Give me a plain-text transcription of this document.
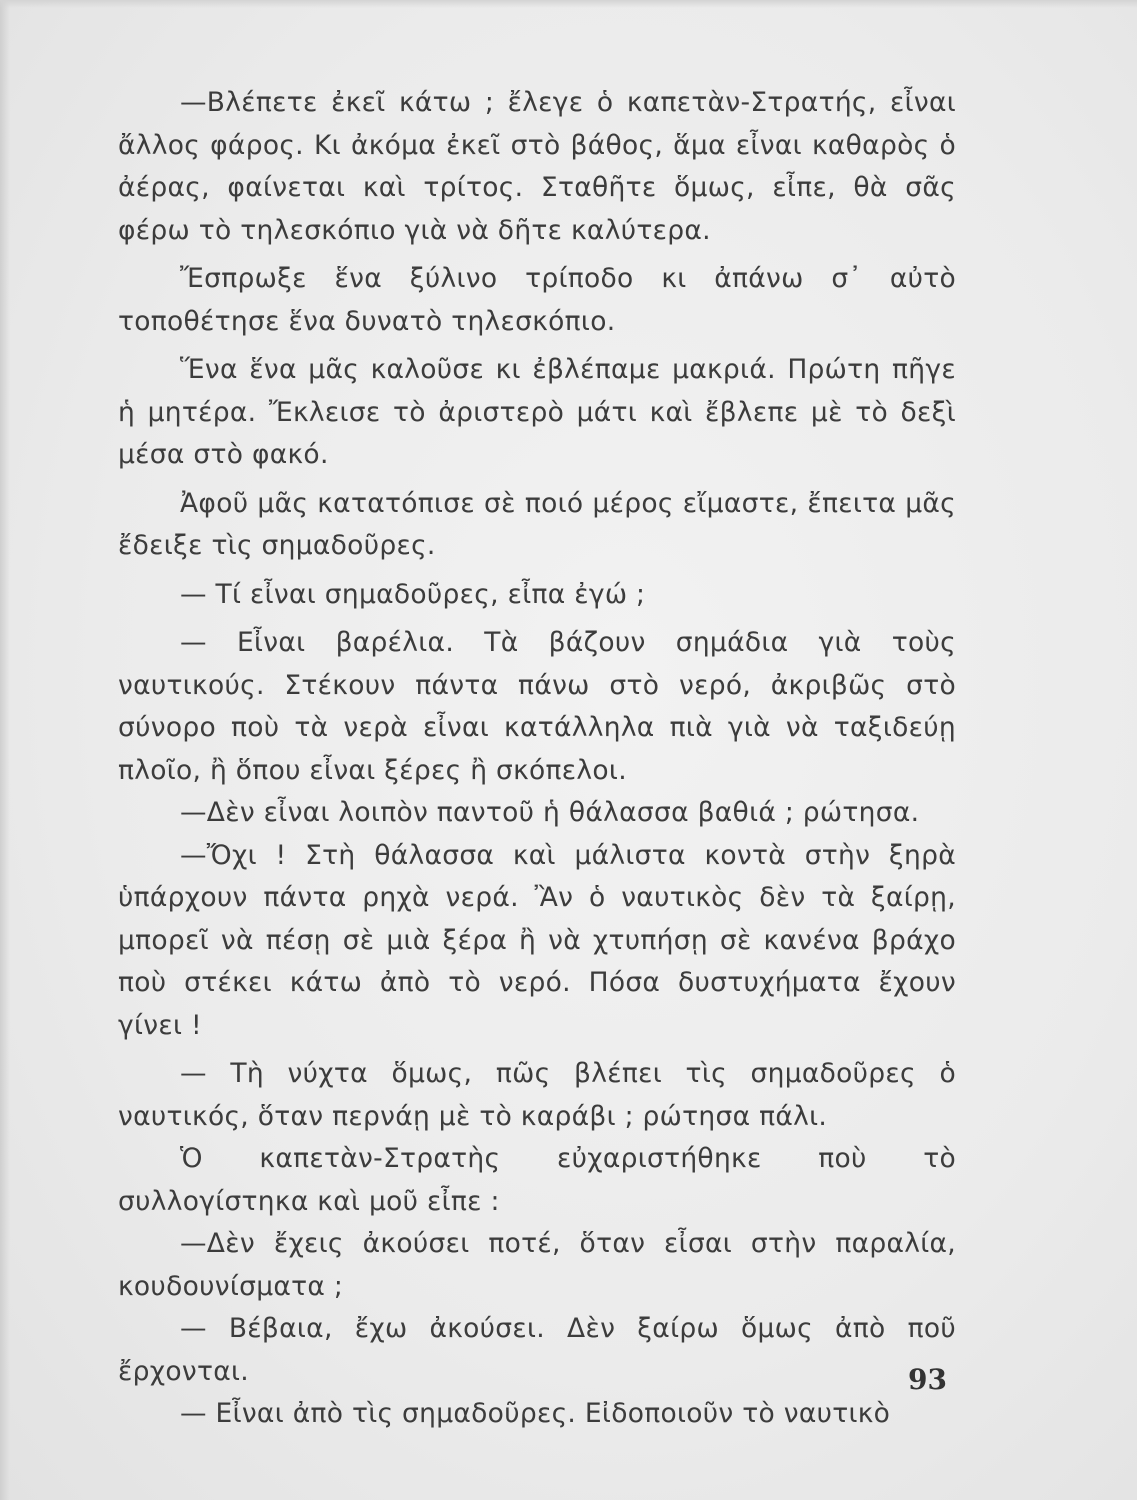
—Βλέπετε ἐκεῖ κάτω ; ἔλεγε ὁ καπετὰν-Στρατής, εἶναι ἄλλος φάρος. Κι ἀκόμα ἐκεῖ στὸ βάθος, ἅμα εἶναι καθαρὸς ὁ ἀέρας, φαίνεται καὶ τρίτος. Σταθῆτε ὅμως, εἶπε, θὰ σᾶς φέρω τὸ τηλεσκόπιο γιὰ νὰ δῆτε καλύτερα.

Ἔσπρωξε ἕνα ξύλινο τρίποδο κι ἀπάνω σ᾽ αὐτὸ τοποθέτησε ἕνα δυνατὸ τηλεσκόπιο.

Ἕνα ἕνα μᾶς καλοῦσε κι ἐβλέπαμε μακριά. Πρώτη πῆγε ἡ μητέρα. Ἔκλεισε τὸ ἀριστερὸ μάτι καὶ ἔβλεπε μὲ τὸ δεξὶ μέσα στὸ φακό.

Ἀφοῦ μᾶς κατατόπισε σὲ ποιό μέρος εἴμαστε, ἔπειτα μᾶς ἔδειξε τὶς σημαδοῦρες.

— Τί εἶναι σημαδοῦρες, εἶπα ἐγώ ;

— Εἶναι βαρέλια. Τὰ βάζουν σημάδια γιὰ τοὺς ναυτικούς. Στέκουν πάντα πάνω στὸ νερό, ἀκριβῶς στὸ σύνορο ποὺ τὰ νερὰ εἶναι κατάλληλα πιὰ γιὰ νὰ ταξιδεύῃ πλοῖο, ἢ ὅπου εἶναι ξέρες ἢ σκόπελοι.

—Δὲν εἶναι λοιπὸν παντοῦ ἡ θάλασσα βαθιά ; ρώτησα.

—Ὄχι ! Στὴ θάλασσα καὶ μάλιστα κοντὰ στὴν ξηρὰ ὑπάρχουν πάντα ρηχὰ νερά. Ἂν ὁ ναυτικὸς δὲν τὰ ξαίρῃ, μπορεῖ νὰ πέσῃ σὲ μιὰ ξέρα ἢ νὰ χτυπήσῃ σὲ κανένα βράχο ποὺ στέκει κάτω ἀπὸ τὸ νερό. Πόσα δυστυχήματα ἔχουν γίνει !

— Τὴ νύχτα ὅμως, πῶς βλέπει τὶς σημαδοῦρες ὁ ναυτικός, ὅταν περνάῃ μὲ τὸ καράβι ; ρώτησα πάλι.

Ὁ καπετὰν-Στρατὴς εὐχαριστήθηκε ποὺ τὸ συλλογίστηκα καὶ μοῦ εἶπε :

—Δὲν ἔχεις ἀκούσει ποτέ, ὅταν εἶσαι στὴν παραλία, κουδουνίσματα ;

— Βέβαια, ἔχω ἀκούσει. Δὲν ξαίρω ὅμως ἀπὸ ποῦ ἔρχονται.

— Εἶναι ἀπὸ τὶς σημαδοῦρες. Εἰδοποιοῦν τὸ ναυτικὸ

93
